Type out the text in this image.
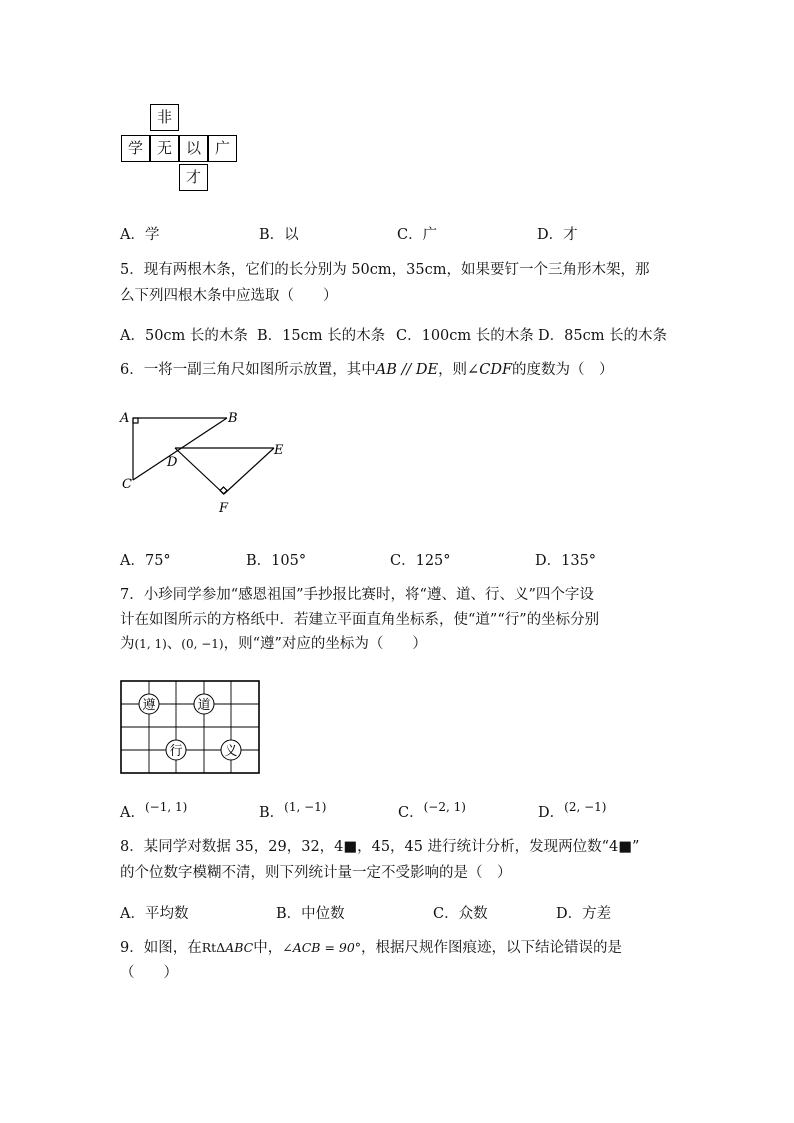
非
学 无 以 广
才
A．学	B．以	C．广	D．才
5．现有两根木条，它们的长分别为 50cm，35cm，如果要钉一个三角形木架，那
么下列四根木条中应选取（　　）
A．50cm 长的木条 B．15cm 长的木条 C．100cm 长的木条 D．85cm 长的木条
6．一将一副三角尺如图所示放置，其中AB // DE，则∠CDF的度数为（　）
A	B
C
D
E
F
A．75°	B．105°	C．125°	D．135°
7．小珍同学参加“感恩祖国”手抄报比赛时，将“遵、道、行、义”四个字设
计在如图所示的方格纸中．若建立平面直角坐标系，使“道”“行”的坐标分别
为(1, 1)、(0, −1)，则“遵”对应的坐标为（　　）
遵	道
行	义
A．$^{(-1, 1)}$	B．$^{(1, -1)}$	C．$^{(-2, 1)}$	D．$^{(2, -1)}$
8．某同学对数据 35，29，32，4■，45，45 进行统计分析，发现两位数“4■”
的个位数字模糊不清，则下列统计量一定不受影响的是（　）
A．平均数	B．中位数	C．众数	D．方差
9．如图，在RtΔABC中，∠ACB = 90°，根据尺规作图痕迹，以下结论错误的是
（　　）
